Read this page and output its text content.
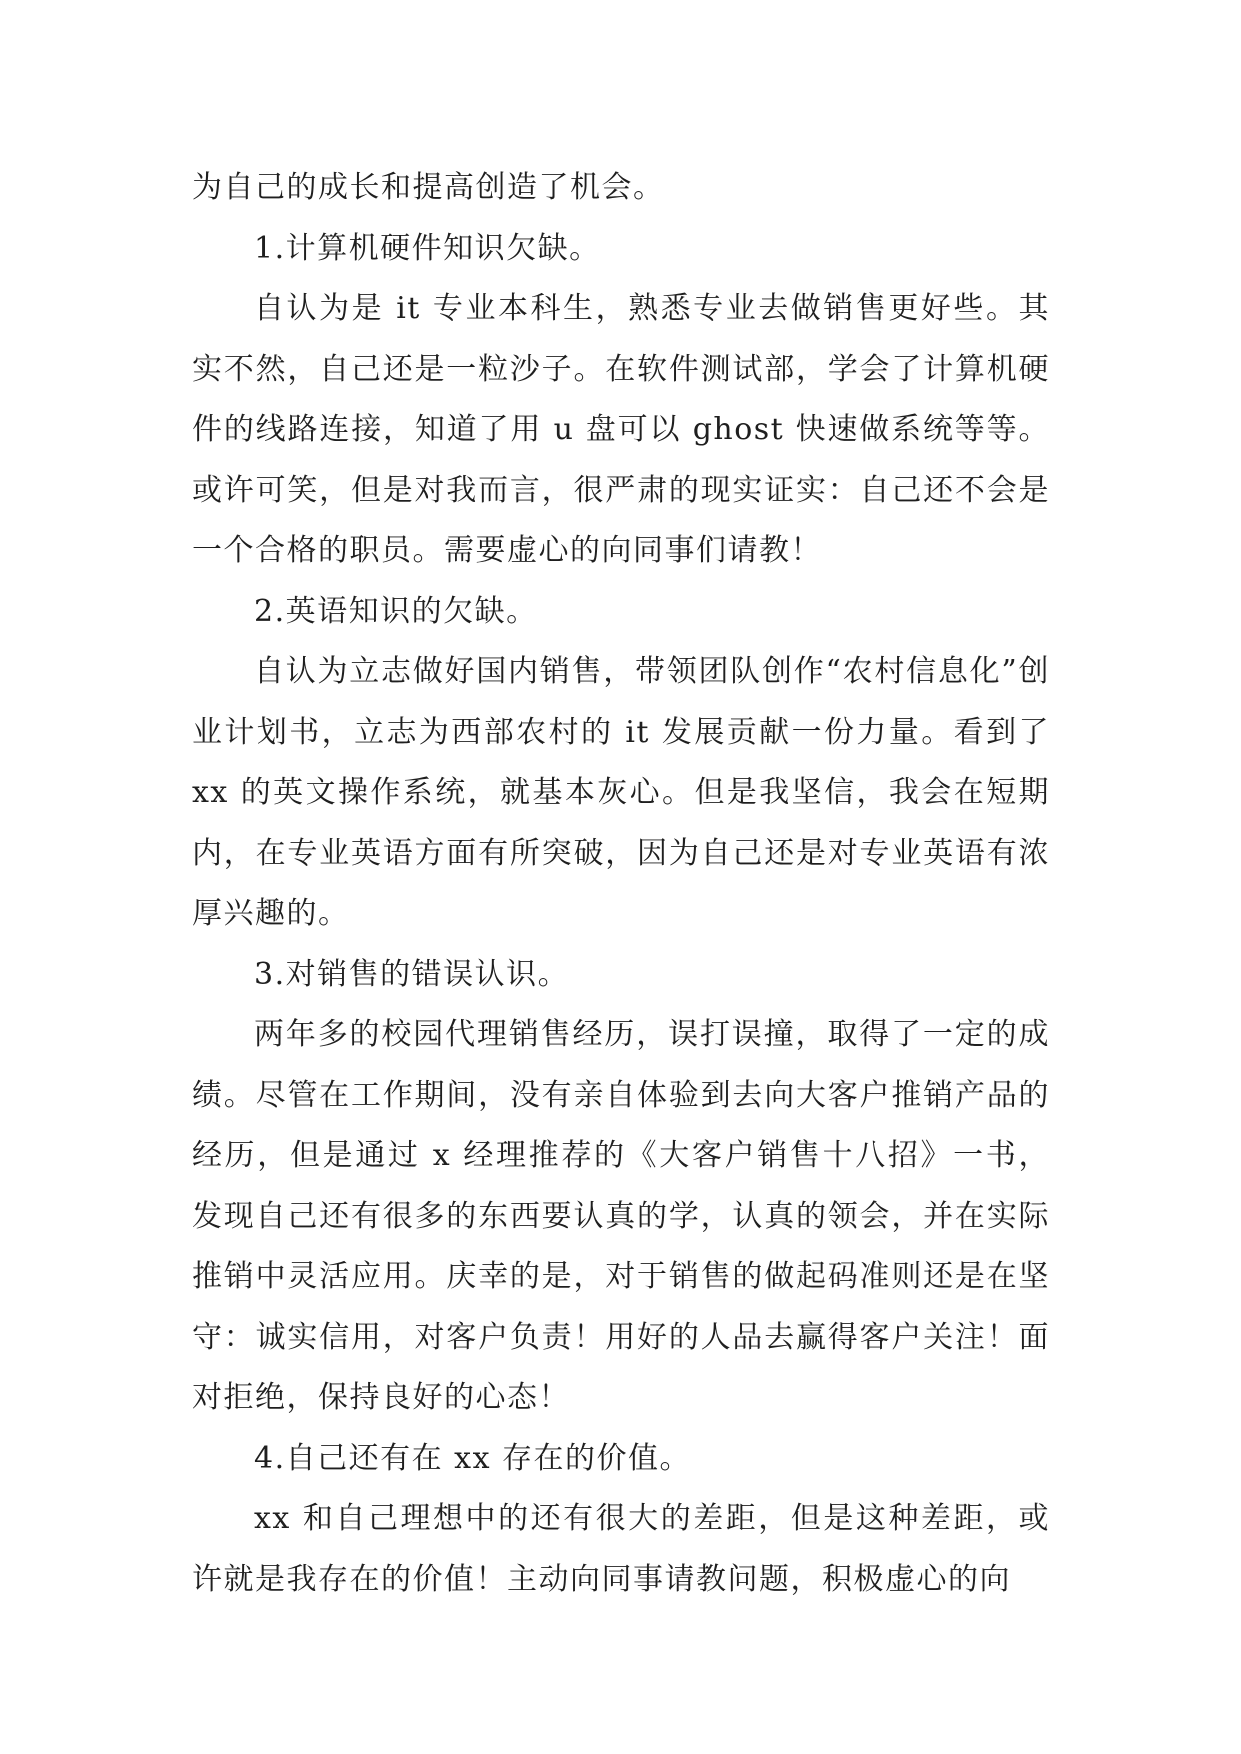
为自己的成长和提高创造了机会。

1.计算机硬件知识欠缺。

自认为是 it 专业本科生，熟悉专业去做销售更好些。其实不然，自己还是一粒沙子。在软件测试部，学会了计算机硬件的线路连接，知道了用 u 盘可以 ghost 快速做系统等等。或许可笑，但是对我而言，很严肃的现实证实：自己还不会是一个合格的职员。需要虚心的向同事们请教！

2.英语知识的欠缺。

自认为立志做好国内销售，带领团队创作“农村信息化”创业计划书，立志为西部农村的 it 发展贡献一份力量。看到了 xx 的英文操作系统，就基本灰心。但是我坚信，我会在短期内，在专业英语方面有所突破，因为自己还是对专业英语有浓厚兴趣的。

3.对销售的错误认识。

两年多的校园代理销售经历，误打误撞，取得了一定的成绩。尽管在工作期间，没有亲自体验到去向大客户推销产品的经历，但是通过 x 经理推荐的《大客户销售十八招》一书，发现自己还有很多的东西要认真的学，认真的领会，并在实际推销中灵活应用。庆幸的是，对于销售的做起码准则还是在坚守：诚实信用，对客户负责！用好的人品去赢得客户关注！面对拒绝，保持良好的心态！

4.自己还有在 xx 存在的价值。

xx 和自己理想中的还有很大的差距，但是这种差距，或许就是我存在的价值！主动向同事请教问题，积极虚心的向
